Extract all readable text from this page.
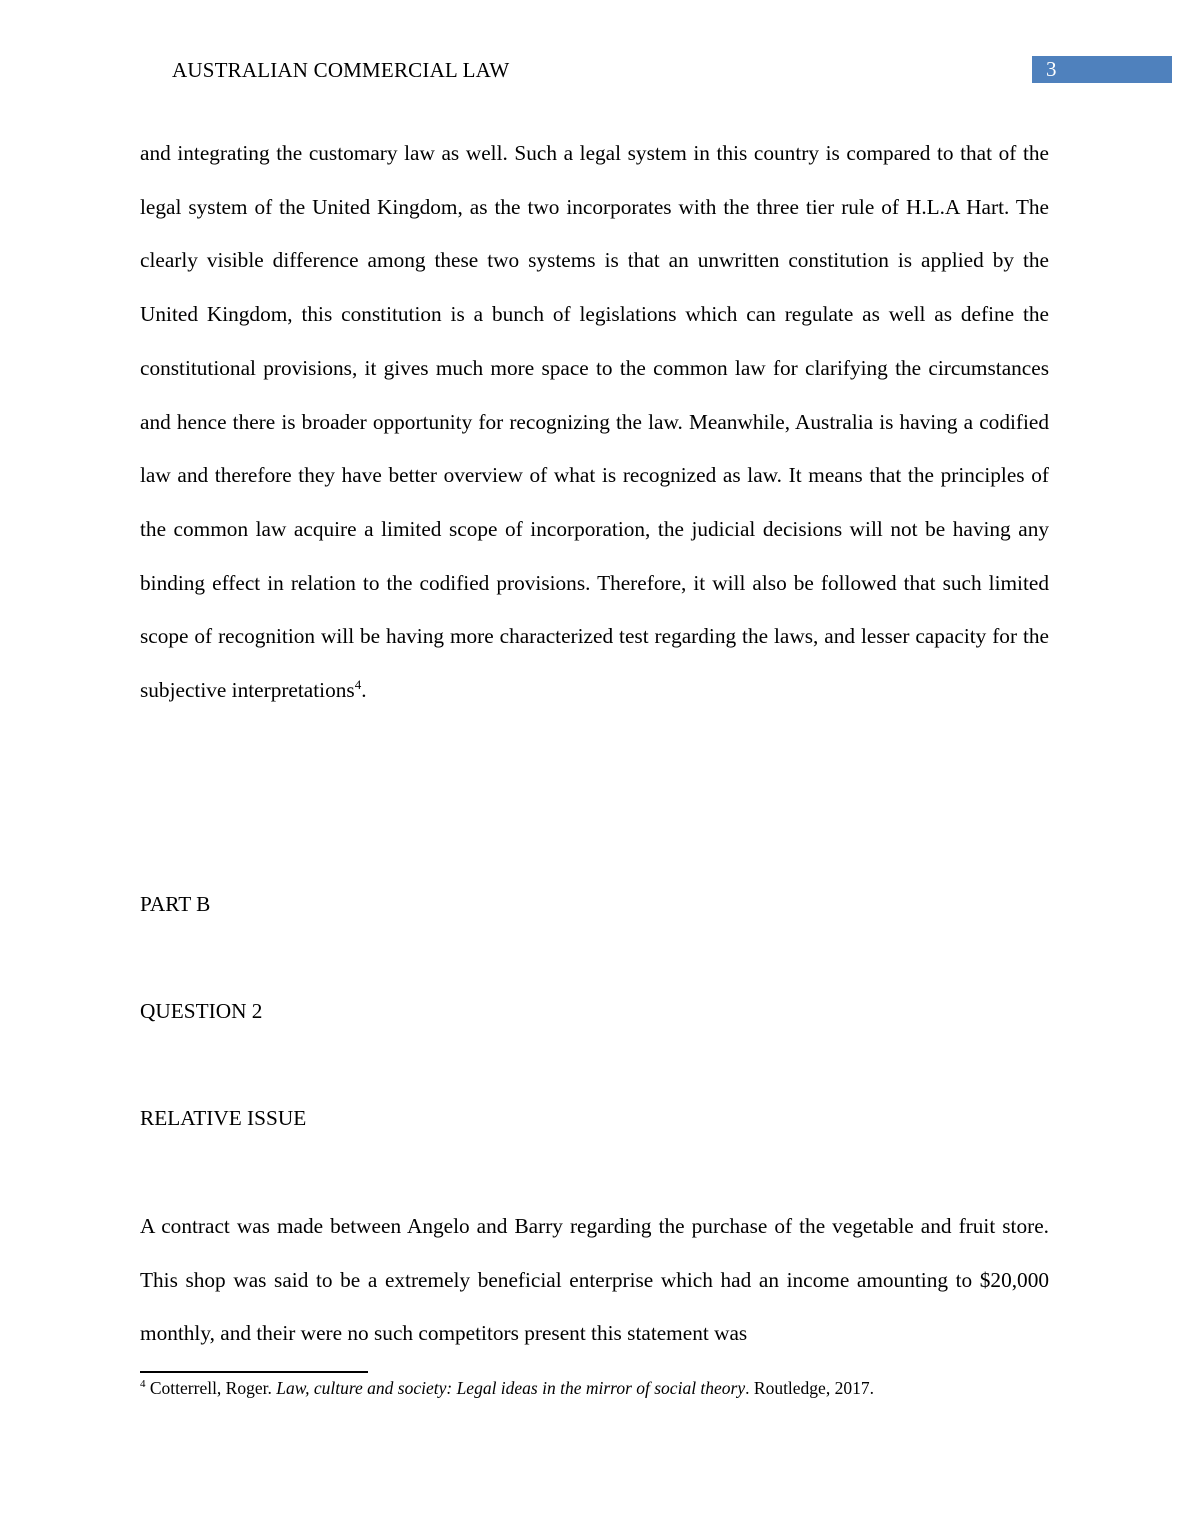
AUSTRALIAN COMMERCIAL LAW	3

and integrating the customary law as well. Such a legal system in this country is compared to that of the legal system of the United Kingdom, as the two incorporates with the three tier rule of H.L.A Hart. The clearly visible difference among these two systems is that an unwritten constitution is applied by the United Kingdom, this constitution is a bunch of legislations which can regulate as well as define the constitutional provisions, it gives much more space to the common law for clarifying the circumstances and hence there is broader opportunity for recognizing the law. Meanwhile, Australia is having a codified law and therefore they have better overview of what is recognized as law. It means that the principles of the common law acquire a limited scope of incorporation, the judicial decisions will not be having any binding effect in relation to the codified provisions. Therefore, it will also be followed that such limited scope of recognition will be having more characterized test regarding the laws, and lesser capacity for the subjective interpretations$^4$.

PART B

QUESTION 2

RELATIVE ISSUE

A contract was made between Angelo and Barry regarding the purchase of the vegetable and fruit store. This shop was said to be a extremely beneficial enterprise which had an income amounting to $20,000 monthly, and their were no such competitors present this statement was

$^4$ Cotterrell, Roger. Law, culture and society: Legal ideas in the mirror of social theory. Routledge, 2017.
